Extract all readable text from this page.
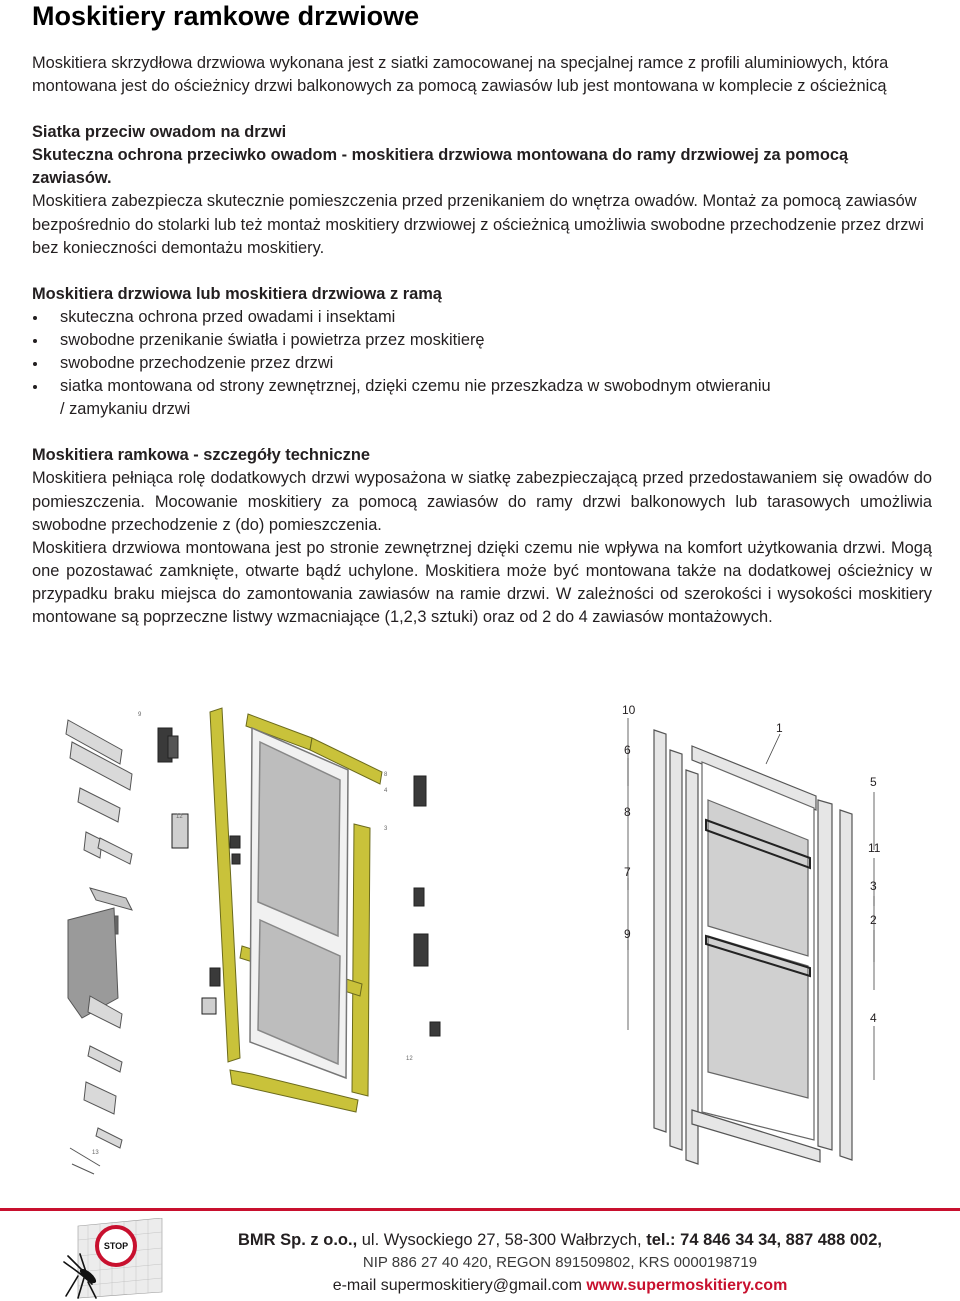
Moskitiery ramkowe drzwiowe

Moskitiera skrzydłowa drzwiowa wykonana jest z siatki zamocowanej na specjalnej ramce z profili aluminiowych, która montowana jest do ościeżnicy drzwi balkonowych za pomocą zawiasów lub jest montowana w komplecie z ościeżnicą

Siatka przeciw owadom na drzwi

Skuteczna ochrona przeciwko owadom - moskitiera drzwiowa montowana do ramy drzwiowej za pomocą zawiasów.

Moskitiera zabezpiecza skutecznie pomieszczenia przed przenikaniem do wnętrza owadów. Montaż za pomocą zawiasów bezpośrednio do stolarki lub też montaż moskitiery drzwiowej z ościeżnicą umożliwia swobodne przechodzenie przez drzwi bez konieczności demontażu moskitiery.

Moskitiera drzwiowa lub moskitiera drzwiowa z ramą

skuteczna ochrona przed owadami i insektami
swobodne przenikanie światła i powietrza przez moskitierę
swobodne przechodzenie przez drzwi
siatka montowana od strony zewnętrznej, dzięki czemu nie przeszkadza w swobodnym otwieraniu / zamykaniu drzwi

Moskitiera ramkowa - szczegóły techniczne

Moskitiera pełniąca rolę dodatkowych drzwi wyposażona w siatkę zabezpieczającą przed przedostawaniem się owadów do pomieszczenia. Mocowanie moskitiery za pomocą zawiasów do ramy drzwi balkonowych lub tarasowych umożliwia swobodne przechodzenie z (do) pomieszczenia.

Moskitiera drzwiowa montowana jest po stronie zewnętrznej dzięki czemu nie wpływa na komfort użytkowania drzwi. Mogą one pozostawać zamknięte, otwarte bądź uchylone. Moskitiera może być montowana także na dodatkowej ościeżnicy w przypadku braku miejsca do zamontowania zawiasów na ramie drzwi. W zależności od szerokości i wysokości moskitiery montowane są poprzeczne listwy wzmacniające (1,2,3 sztuki) oraz od 2 do 4 zawiasów montażowych.

9
8
4
3
12
12
13
10
6
1
5
8
11
3
7
2
9
4
STOP	BMR Sp. z o.o., ul. Wysockiego 27, 58-300 Wałbrzych, tel.: 74 846 34 34, 887 488 002,
NIP 886 27 40 420, REGON 891509802, KRS 0000198719
e-mail supermoskitiery@gmail.com www.supermoskitiery.com
